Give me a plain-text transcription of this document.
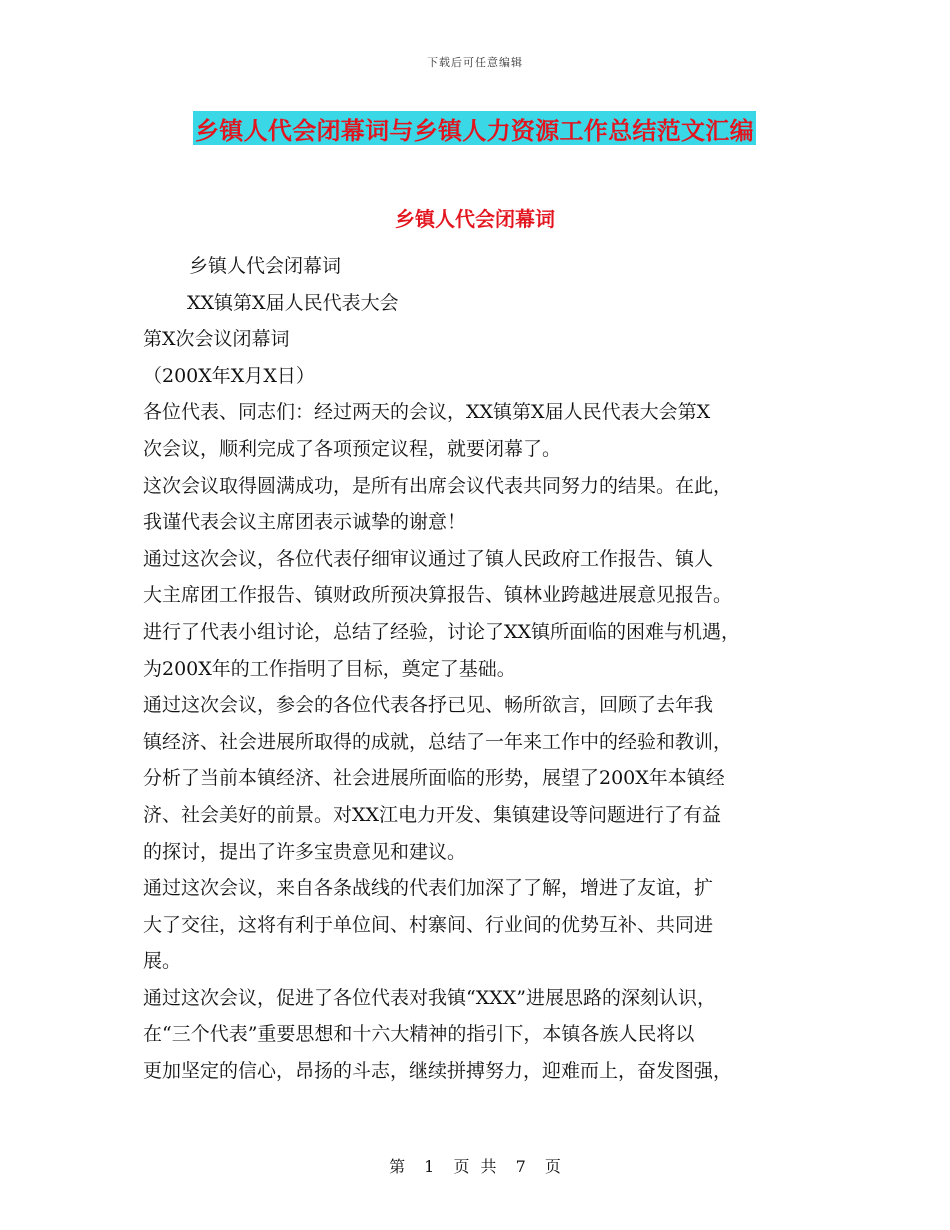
下载后可任意编辑
乡镇人代会闭幕词与乡镇人力资源工作总结范文汇编
乡镇人代会闭幕词
乡镇人代会闭幕词
XX镇第X届人民代表大会
第X次会议闭幕词
（200X年X月X日）
各位代表、同志们：经过两天的会议，XX镇第X届人民代表大会第X
次会议，顺利完成了各项预定议程，就要闭幕了。
这次会议取得圆满成功，是所有出席会议代表共同努力的结果。在此，
我谨代表会议主席团表示诚挚的谢意！
通过这次会议，各位代表仔细审议通过了镇人民政府工作报告、镇人
大主席团工作报告、镇财政所预决算报告、镇林业跨越进展意见报告。
进行了代表小组讨论，总结了经验，讨论了XX镇所面临的困难与机遇，
为200X年的工作指明了目标，奠定了基础。
通过这次会议，参会的各位代表各抒已见、畅所欲言，回顾了去年我
镇经济、社会进展所取得的成就，总结了一年来工作中的经验和教训，
分析了当前本镇经济、社会进展所面临的形势，展望了200X年本镇经
济、社会美好的前景。对XX江电力开发、集镇建设等问题进行了有益
的探讨，提出了许多宝贵意见和建议。
通过这次会议，来自各条战线的代表们加深了了解，增进了友谊，扩
大了交往，这将有利于单位间、村寨间、行业间的优势互补、共同进
展。
通过这次会议，促进了各位代表对我镇“XXX”进展思路的深刻认识，
在“三个代表”重要思想和十六大精神的指引下，本镇各族人民将以
更加坚定的信心，昂扬的斗志，继续拼搏努力，迎难而上，奋发图强，
第 1 页 共 7 页
